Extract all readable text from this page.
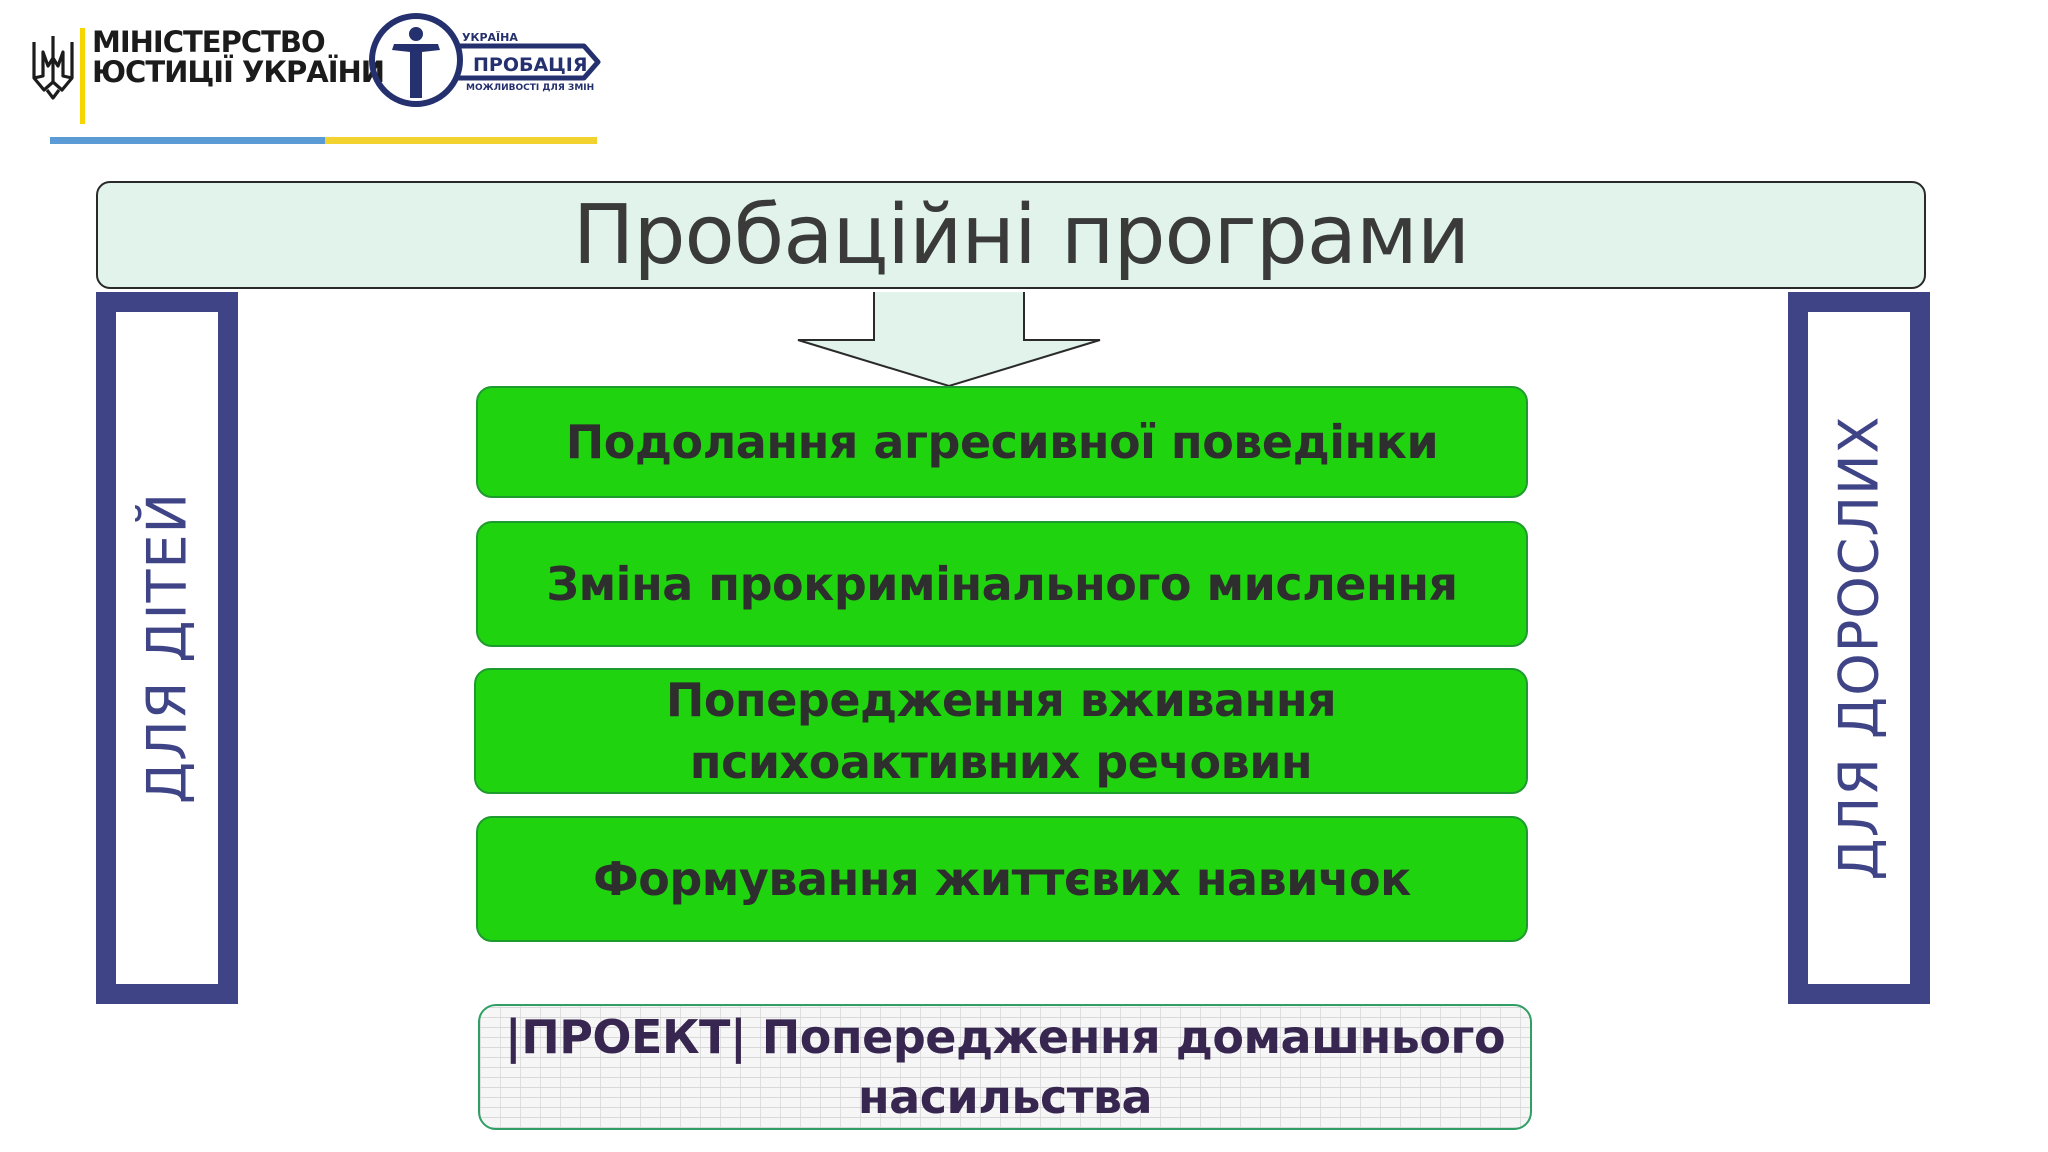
МІНІСТЕРСТВО
ЮСТИЦІЇ УКРАЇНИ
УКРАЇНА
ПРОБАЦІЯ
МОЖЛИВОСТІ ДЛЯ ЗМІН
Пробаційні програми
ДЛЯ ДІТЕЙ	ДЛЯ ДОРОСЛИХ
Подолання агресивної поведінки
Зміна прокримінального мислення
Попередження вживання
психоактивних речовин
Формування життєвих навичок
|ПРОЕКТ| Попередження домашнього
насильства
